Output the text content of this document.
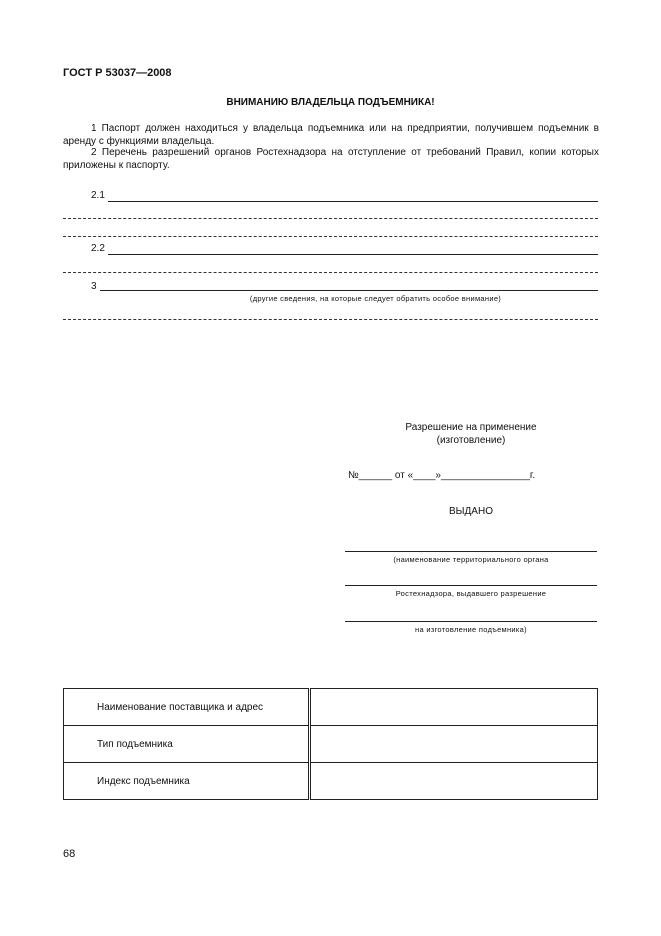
ГОСТ Р 53037—2008
ВНИМАНИЮ ВЛАДЕЛЬЦА ПОДЪЕМНИКА!
1 Паспорт должен находиться у владельца подъемника или на предприятии, получившем подъемник в аренду с функциями владельца.
2 Перечень разрешений органов Ростехнадзора на отступление от требований Правил, копии которых приложены к паспорту.
2.1
2.2
3
(другие сведения, на которые следует обратить особое внимание)
Разрешение на применение
(изготовление)
№______ от «____»________________г.
ВЫДАНО
(наименование территориального органа
Ростехнадзора, выдавшего разрешение
на изготовление подъемника)
Наименование поставщика и адрес	
Тип подъемника	
Индекс подъемника	
68
